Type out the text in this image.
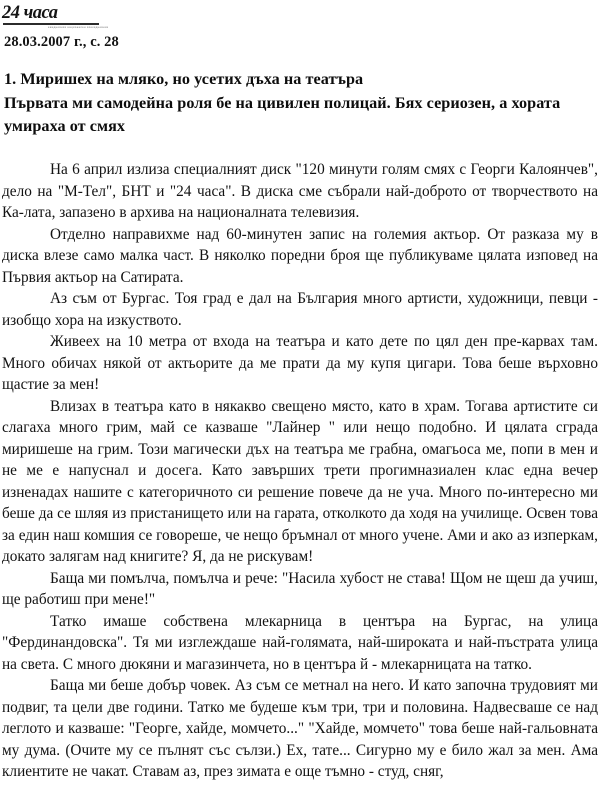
24 часа
ежедневник национален всекидневник
28.03.2007 г., с. 28
1. Миришех на мляко, но усетих дъха на театъра
Първата ми самодейна роля бе на цивилен полицай. Бях сериозен, а хората умираха от смях

На 6 април излиза специалният диск "120 минути голям смях с Георги Калоянчев", дело на "М-Тел", БНТ и "24 часа". В диска сме събрали най-доброто от творчеството на Ка-лата, запазено в архива на националната телевизия.

Отделно направихме над 60-минутен запис на големия актьор. От разказа му в диска влезе само малка част. В няколко поредни броя ще публикуваме цялата изповед на Първия актьор на Сатирата.

Аз съм от Бургас. Тоя град е дал на България много артисти, художници, певци - изобщо хора на изкуството.

Живеех на 10 метра от входа на театъра и като дете по цял ден пре-карвах там. Много обичах някой от актьорите да ме прати да му купя цигари. Това беше върховно щастие за мен!

Влизах в театъра като в някакво свещено място, като в храм. Тогава артистите си слагаха много грим, май се казваше "Лайнер " или нещо подобно. И цялата сграда миришеше на грим. Този магически дъх на театъра ме грабна, омагьоса ме, попи в мен и не ме е напуснал и досега. Като завърших трети прогимназиален клас една вечер изненадах нашите с категоричното си решение повече да не уча. Много по-интересно ми беше да се шляя из пристанището или на гарата, отколкото да ходя на училище. Освен това за един наш комшия се говореше, че нещо бръмнал от много учене. Ами и ако аз изперкам, докато залягам над книгите? Я, да не рискувам!

Баща ми помълча, помълча и рече: "Насила хубост не става! Щом не щеш да учиш, ще работиш при мене!"

Татко имаше собствена млекарница в центъра на Бургас, на улица "Фердинандовска". Тя ми изглеждаше най-голямата, най-широката и най-пъстрата улица на света. С много дюкяни и магазинчета, но в центъра й - млекарницата на татко.

Баща ми беше добър човек. Аз съм се метнал на него. И като започна трудовият ми подвиг, та цели две години. Татко ме будеше към три, три и половина. Надвесваше се над леглото и казваше: "Георге, хайде, момчето..." "Хайде, момчето" това беше най-гальовната му дума. (Очите му се пълнят със сълзи.) Ех, тате... Сигурно му е било жал за мен. Ама клиентите не чакат. Ставам аз, през зимата е още тъмно - студ, сняг,
